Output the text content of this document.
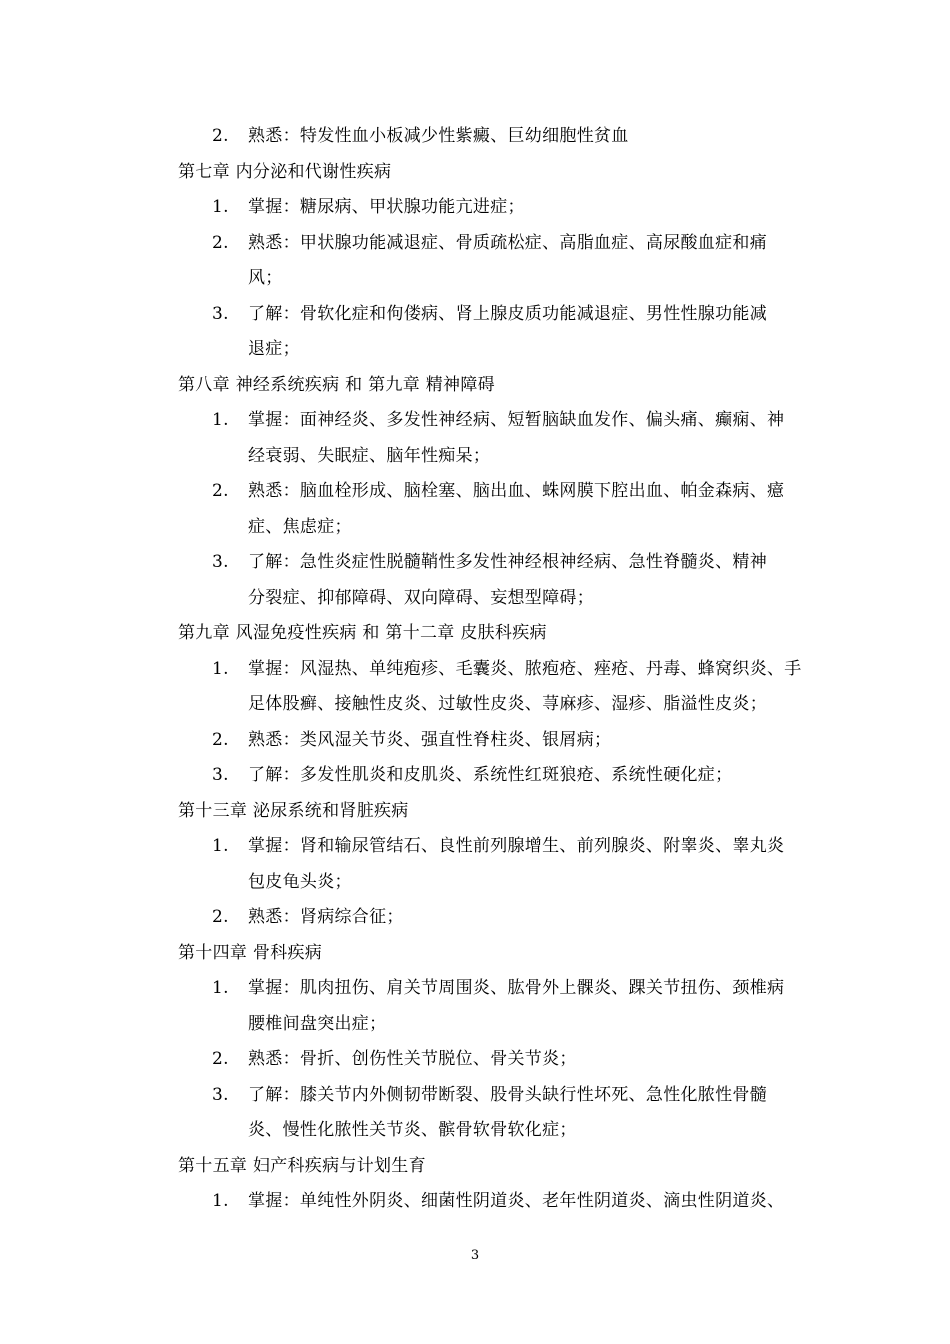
2. 熟悉：特发性血小板减少性紫癜、巨幼细胞性贫血
第七章 内分泌和代谢性疾病
1. 掌握：糖尿病、甲状腺功能亢进症；
2. 熟悉：甲状腺功能减退症、骨质疏松症、高脂血症、高尿酸血症和痛
风；
3. 了解：骨软化症和佝偻病、肾上腺皮质功能减退症、男性性腺功能减
退症；
第八章 神经系统疾病 和 第九章 精神障碍
1. 掌握：面神经炎、多发性神经病、短暂脑缺血发作、偏头痛、癫痫、神
经衰弱、失眠症、脑年性痴呆；
2. 熟悉：脑血栓形成、脑栓塞、脑出血、蛛网膜下腔出血、帕金森病、癔
症、焦虑症；
3. 了解：急性炎症性脱髓鞘性多发性神经根神经病、急性脊髓炎、精神
分裂症、抑郁障碍、双向障碍、妄想型障碍；
第九章 风湿免疫性疾病 和 第十二章 皮肤科疾病
1. 掌握：风湿热、单纯疱疹、毛囊炎、脓疱疮、痤疮、丹毒、蜂窝织炎、手
足体股癣、接触性皮炎、过敏性皮炎、荨麻疹、湿疹、脂溢性皮炎；
2. 熟悉：类风湿关节炎、强直性脊柱炎、银屑病；
3. 了解：多发性肌炎和皮肌炎、系统性红斑狼疮、系统性硬化症；
第十三章 泌尿系统和肾脏疾病
1. 掌握：肾和输尿管结石、良性前列腺增生、前列腺炎、附睾炎、睾丸炎
包皮龟头炎；
2. 熟悉：肾病综合征；
第十四章 骨科疾病
1. 掌握：肌肉扭伤、肩关节周围炎、肱骨外上髁炎、踝关节扭伤、颈椎病
腰椎间盘突出症；
2. 熟悉：骨折、创伤性关节脱位、骨关节炎；
3. 了解：膝关节内外侧韧带断裂、股骨头缺行性坏死、急性化脓性骨髓
炎、慢性化脓性关节炎、髌骨软骨软化症；
第十五章 妇产科疾病与计划生育
1. 掌握：单纯性外阴炎、细菌性阴道炎、老年性阴道炎、滴虫性阴道炎、
3
